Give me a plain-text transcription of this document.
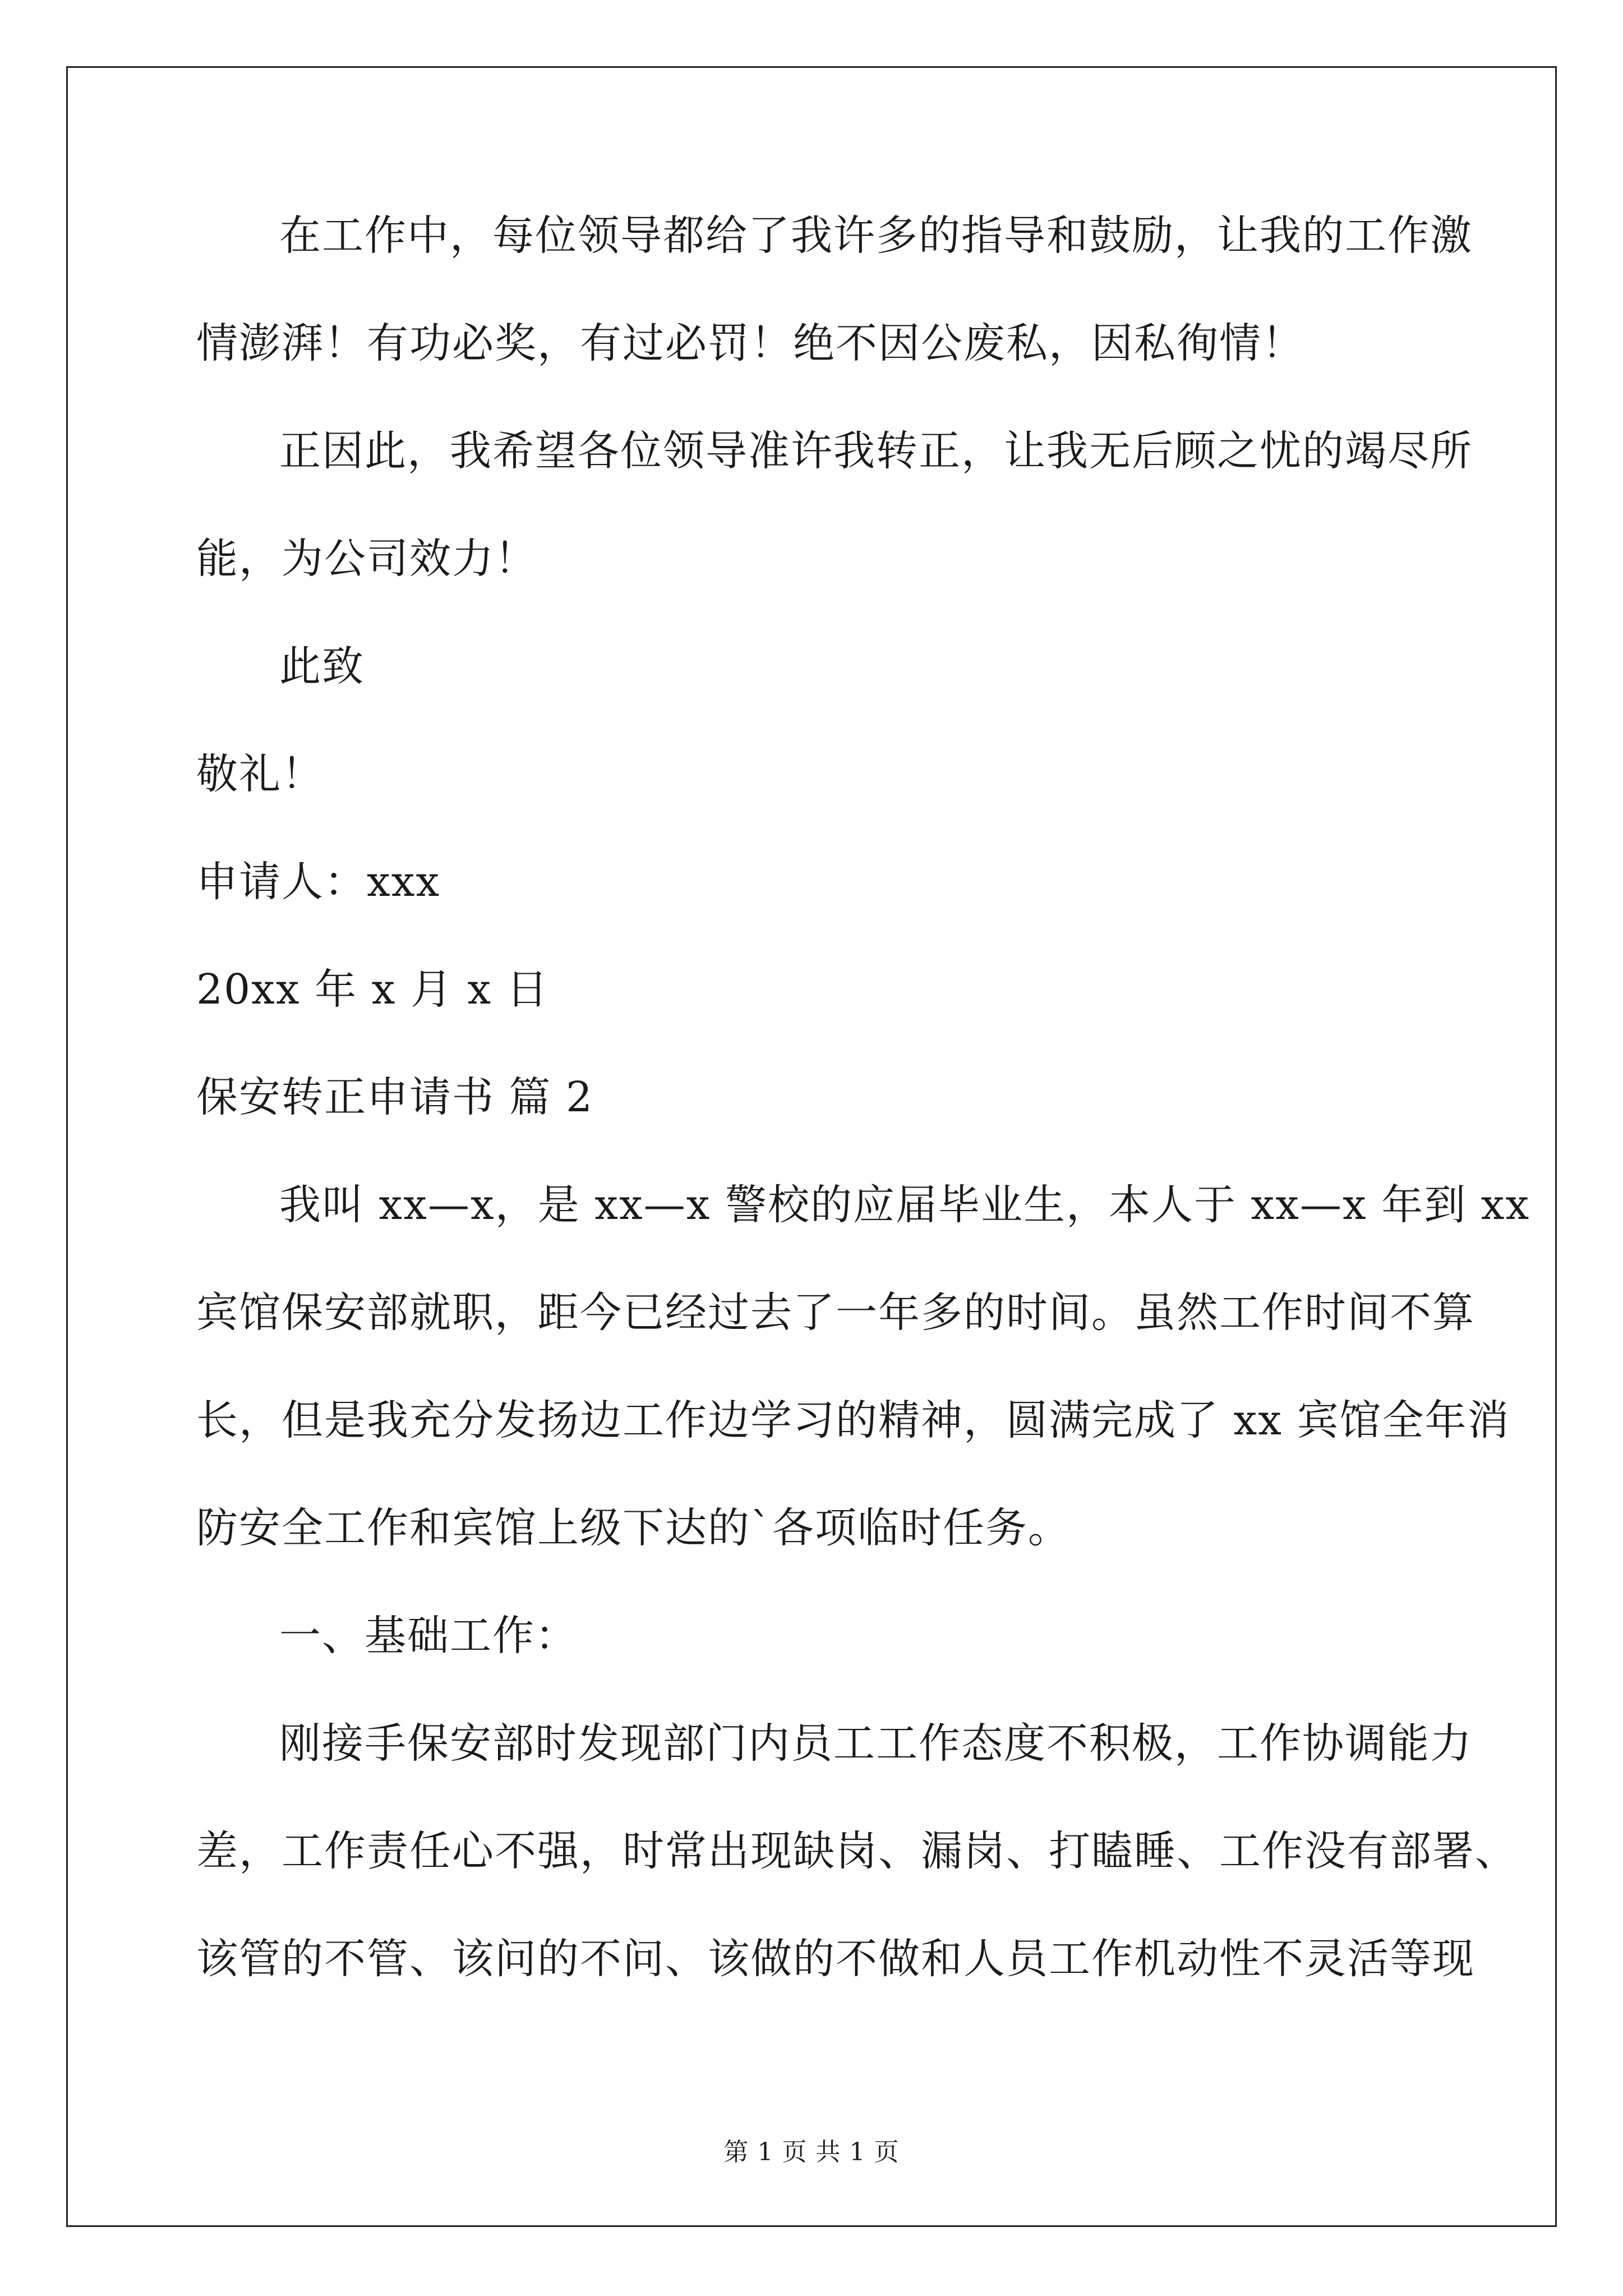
在工作中，每位领导都给了我许多的指导和鼓励，让我的工作激
情澎湃！有功必奖，有过必罚！绝不因公废私，因私徇情！
正因此，我希望各位领导准许我转正，让我无后顾之忧的竭尽所
能，为公司效力！
此致
敬礼！
申请人：xxx
20xx 年 x 月 x 日
保安转正申请书 篇 2
我叫 xx—x，是 xx—x 警校的应届毕业生，本人于 xx—x 年到 xx
宾馆保安部就职，距今已经过去了一年多的时间。虽然工作时间不算
长，但是我充分发扬边工作边学习的精神，圆满完成了 xx 宾馆全年消
防安全工作和宾馆上级下达的`各项临时任务。
一、基础工作：
刚接手保安部时发现部门内员工工作态度不积极，工作协调能力
差，工作责任心不强，时常出现缺岗、漏岗、打瞌睡、工作没有部署、
该管的不管、该问的不问、该做的不做和人员工作机动性不灵活等现
第 1 页 共 1 页
